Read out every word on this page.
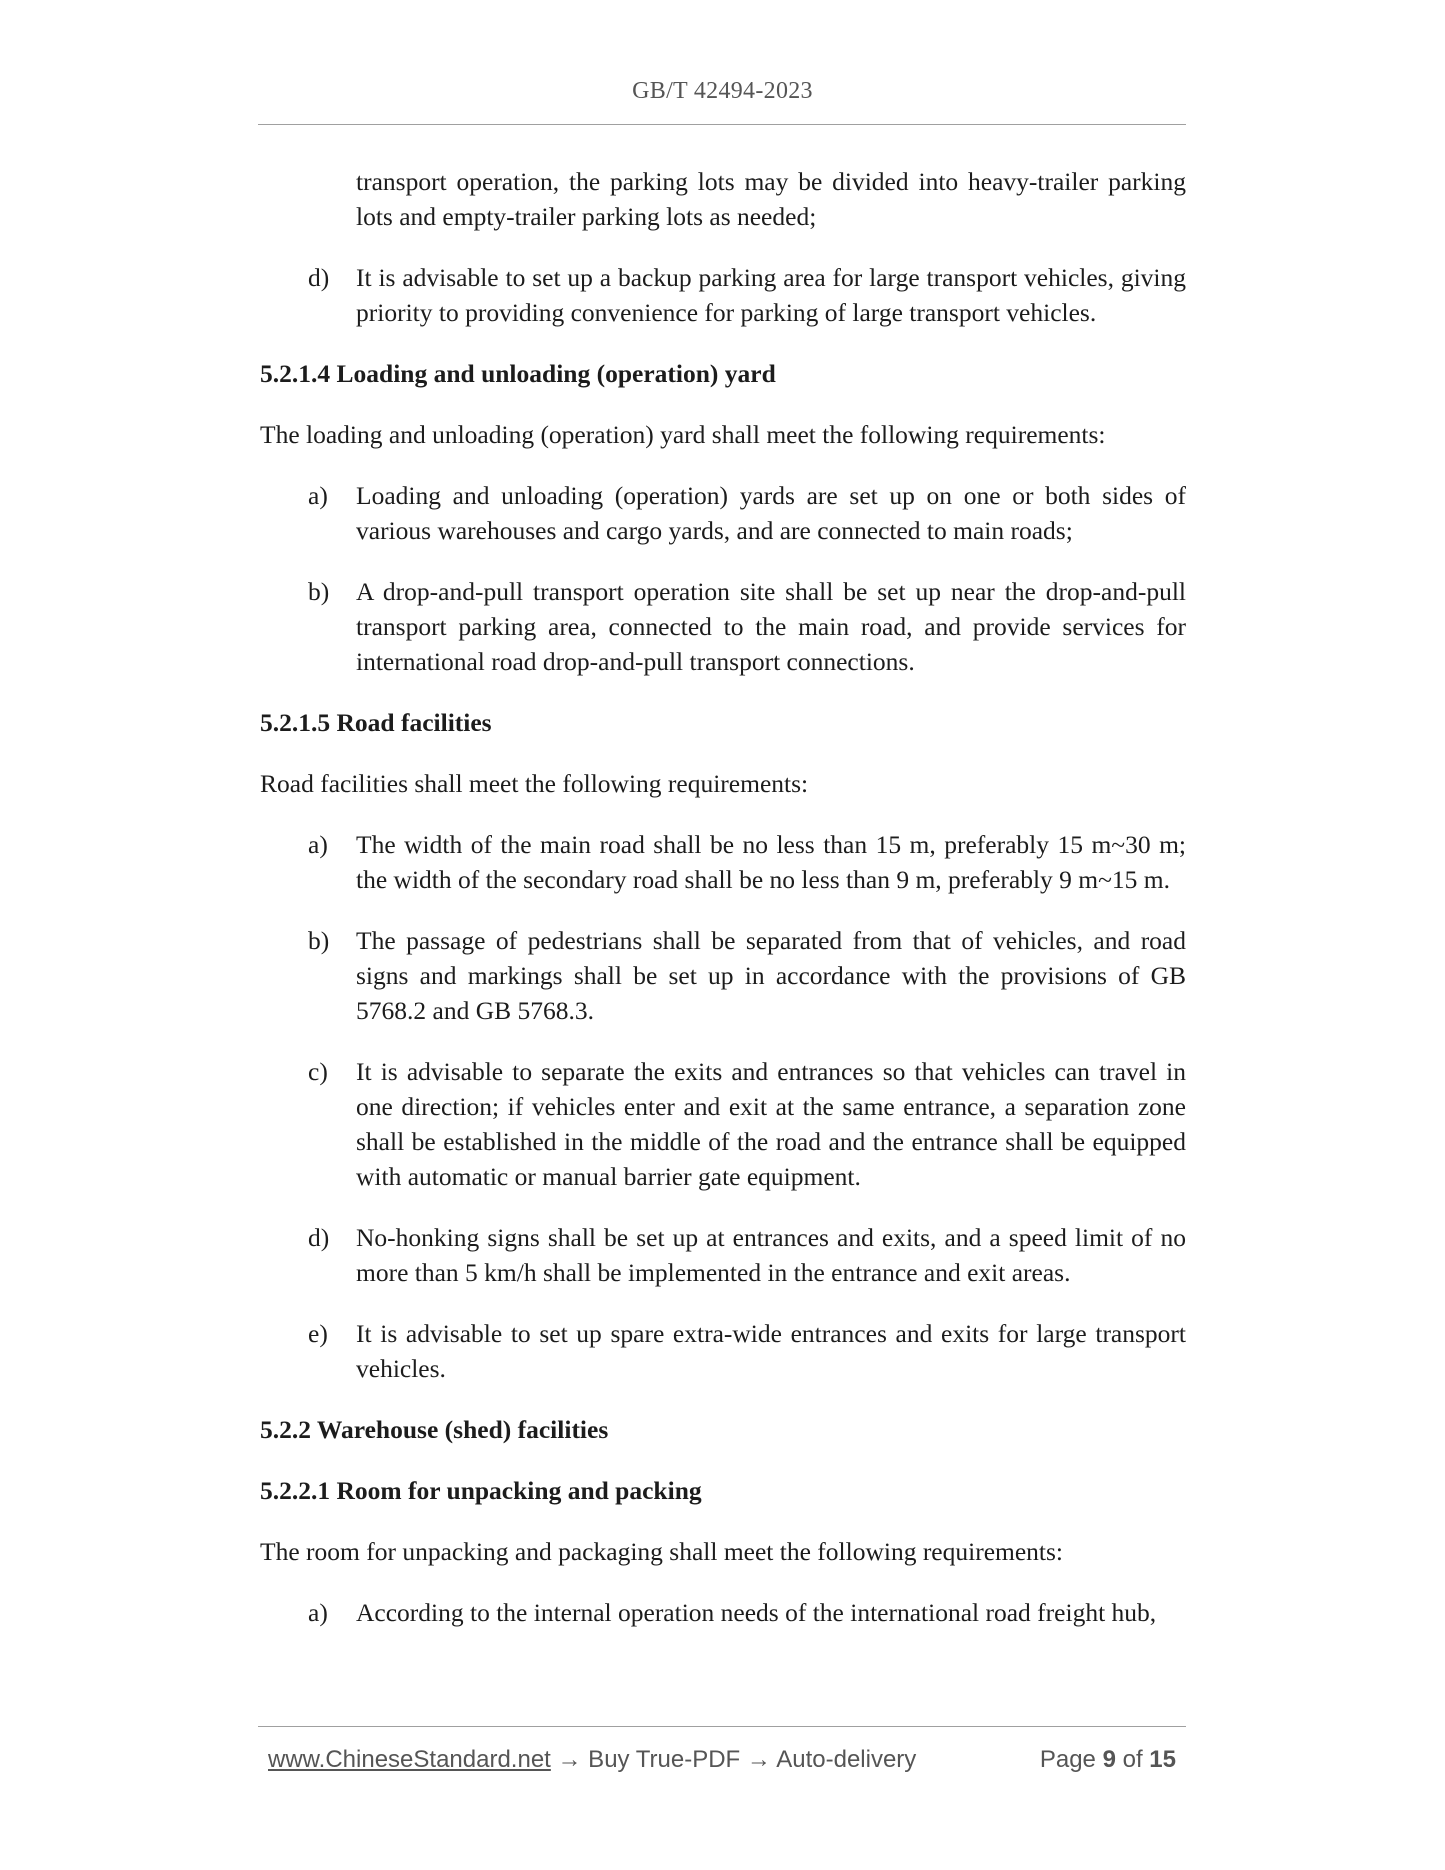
GB/T 42494-2023
transport operation, the parking lots may be divided into heavy-trailer parking lots and empty-trailer parking lots as needed;
d)	It is advisable to set up a backup parking area for large transport vehicles, giving priority to providing convenience for parking of large transport vehicles.
5.2.1.4 Loading and unloading (operation) yard
The loading and unloading (operation) yard shall meet the following requirements:
a)	Loading and unloading (operation) yards are set up on one or both sides of various warehouses and cargo yards, and are connected to main roads;
b)	A drop-and-pull transport operation site shall be set up near the drop-and-pull transport parking area, connected to the main road, and provide services for international road drop-and-pull transport connections.
5.2.1.5 Road facilities
Road facilities shall meet the following requirements:
a)	The width of the main road shall be no less than 15 m, preferably 15 m~30 m; the width of the secondary road shall be no less than 9 m, preferably 9 m~15 m.
b)	The passage of pedestrians shall be separated from that of vehicles, and road signs and markings shall be set up in accordance with the provisions of GB 5768.2 and GB 5768.3.
c)	It is advisable to separate the exits and entrances so that vehicles can travel in one direction; if vehicles enter and exit at the same entrance, a separation zone shall be established in the middle of the road and the entrance shall be equipped with automatic or manual barrier gate equipment.
d)	No-honking signs shall be set up at entrances and exits, and a speed limit of no more than 5 km/h shall be implemented in the entrance and exit areas.
e)	It is advisable to set up spare extra-wide entrances and exits for large transport vehicles.
5.2.2 Warehouse (shed) facilities
5.2.2.1 Room for unpacking and packing
The room for unpacking and packaging shall meet the following requirements:
a)	According to the internal operation needs of the international road freight hub,
www.ChineseStandard.net → Buy True-PDF → Auto-delivery	Page 9 of 15
